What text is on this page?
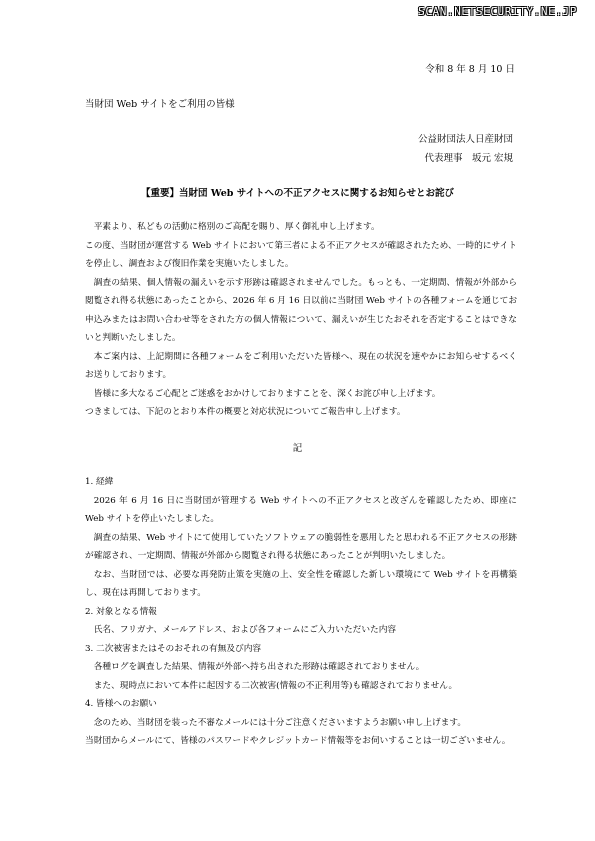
SCAN.NETSECURITY.NE.JP
令和 8 年 8 月 10 日
当財団 Web サイトをご利用の皆様
公益財団法人日産財団
代表理事　坂元 宏規
【重要】当財団 Web サイトへの不正アクセスに関するお知らせとお詫び

平素より、私どもの活動に格別のご高配を賜り、厚く御礼申し上げます。

この度、当財団が運営する Web サイトにおいて第三者による不正アクセスが確認されたため、一時的にサイトを停止し、調査および復旧作業を実施いたしました。

調査の結果、個人情報の漏えいを示す形跡は確認されませんでした。もっとも、一定期間、情報が外部から閲覧され得る状態にあったことから、2026 年 6 月 16 日以前に当財団 Web サイトの各種フォームを通じてお申込みまたはお問い合わせ等をされた方の個人情報について、漏えいが生じたおそれを否定することはできないと判断いたしました。

本ご案内は、上記期間に各種フォームをご利用いただいた皆様へ、現在の状況を速やかにお知らせするべくお送りしております。

皆様に多大なるご心配とご迷惑をおかけしておりますことを、深くお詫び申し上げます。

つきましては、下記のとおり本件の概要と対応状況についてご報告申し上げます。

記

1. 経緯

2026 年 6 月 16 日に当財団が管理する Web サイトへの不正アクセスと改ざんを確認したため、即座に Web サイトを停止いたしました。

調査の結果、Web サイトにて使用していたソフトウェアの脆弱性を悪用したと思われる不正アクセスの形跡が確認され、一定期間、情報が外部から閲覧され得る状態にあったことが判明いたしました。

なお、当財団では、必要な再発防止策を実施の上、安全性を確認した新しい環境にて Web サイトを再構築し、現在は再開しております。

2. 対象となる情報

氏名、フリガナ、メールアドレス、および各フォームにご入力いただいた内容

3. 二次被害またはそのおそれの有無及び内容

各種ログを調査した結果、情報が外部へ持ち出された形跡は確認されておりません。

また、現時点において本件に起因する二次被害(情報の不正利用等)も確認されておりません。

4. 皆様へのお願い

念のため、当財団を装った不審なメールには十分ご注意くださいますようお願い申し上げます。

当財団からメールにて、皆様のパスワードやクレジットカード情報等をお伺いすることは一切ございません。
